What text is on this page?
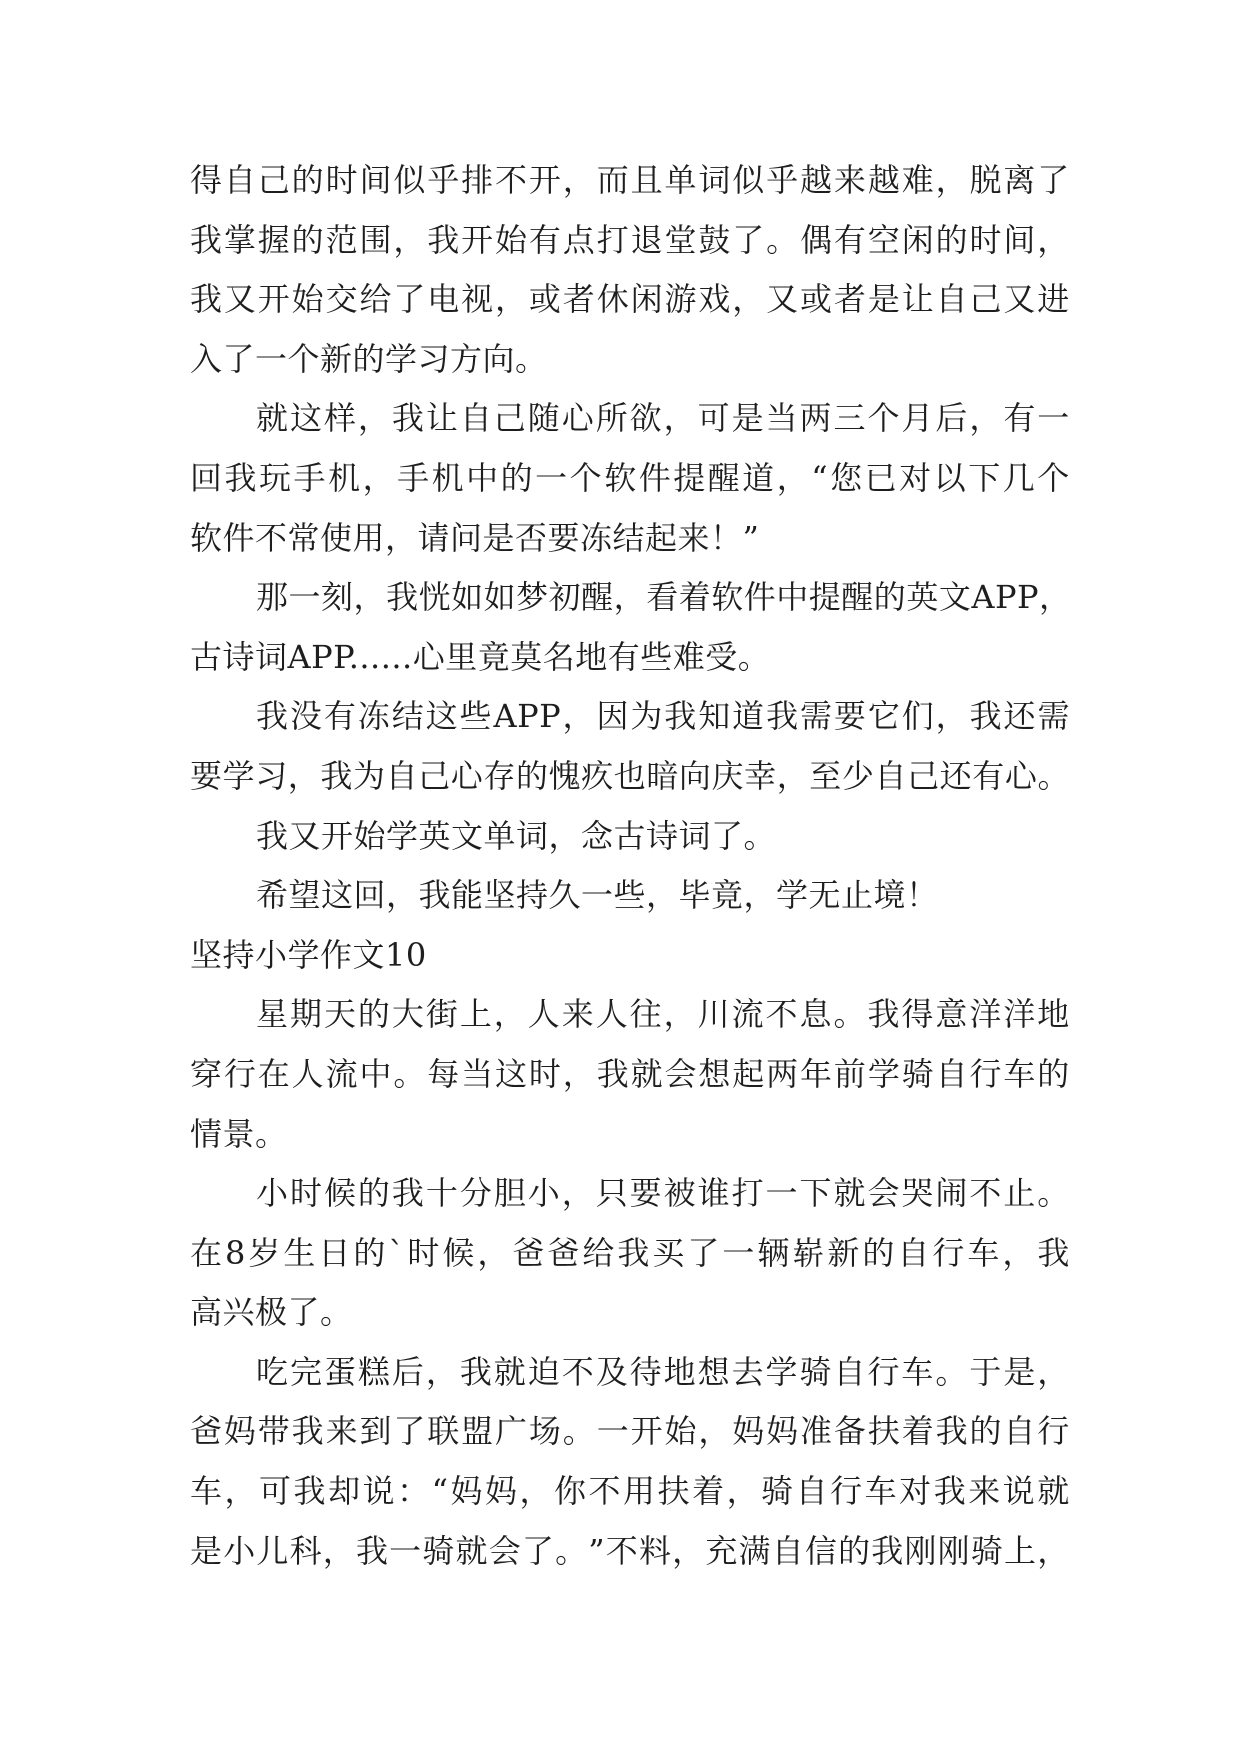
得 自 己 的 时 间 似 乎 排 不 开 ， 而 且 单 词 似 乎 越 来 越 难 ， 脱 离 了
我 掌 握 的 范 围 ， 我 开 始 有 点 打 退 堂 鼓 了 。 偶 有 空 闲 的 时 间 ，
我 又 开 始 交 给 了 电 视 ， 或 者 休 闲 游 戏 ， 又 或 者 是 让 自 己 又 进
入了一个新的学习方向。
就 这 样 ， 我 让 自 己 随 心 所 欲 ， 可 是 当 两 三 个 月 后 ， 有 一
回 我 玩 手 机 ， 手 机 中 的 一 个 软 件 提 醒 道 ， “ 您 已 对 以 下 几 个
软件不常使用，请问是否要冻结起来！”
那 一 刻 ， 我 恍 如 如 梦 初 醒 ， 看 着 软 件 中 提 醒 的 英 文 APP ，
古诗词APP......心里竟莫名地有些难受。
我 没 有 冻 结 这 些 APP ， 因 为 我 知 道 我 需 要 它 们 ， 我 还 需
要 学 习 ， 我 为 自 己 心 存 的 愧 疚 也 暗 向 庆 幸 ， 至 少 自 己 还 有 心 。
我又开始学英文单词，念古诗词了。
希望这回，我能坚持久一些，毕竟，学无止境！
坚持小学作文10
星 期 天 的 大 街 上 ， 人 来 人 往 ， 川 流 不 息 。 我 得 意 洋 洋 地
穿 行 在 人 流 中 。 每 当 这 时 ， 我 就 会 想 起 两 年 前 学 骑 自 行 车 的
情景。
小 时 候 的 我 十 分 胆 小 ， 只 要 被 谁 打 一 下 就 会 哭 闹 不 止 。
在 8 岁 生 日 的 ` 时 候 ， 爸 爸 给 我 买 了 一 辆 崭 新 的 自 行 车 ， 我
高兴极了。
吃 完 蛋 糕 后 ， 我 就 迫 不 及 待 地 想 去 学 骑 自 行 车 。 于 是 ，
爸 妈 带 我 来 到 了 联 盟 广 场 。 一 开 始 ， 妈 妈 准 备 扶 着 我 的 自 行
车 ， 可 我 却 说 ： “ 妈 妈 ， 你 不 用 扶 着 ， 骑 自 行 车 对 我 来 说 就
是 小 儿 科 ， 我 一 骑 就 会 了 。 ” 不 料 ， 充 满 自 信 的 我 刚 刚 骑 上 ，
